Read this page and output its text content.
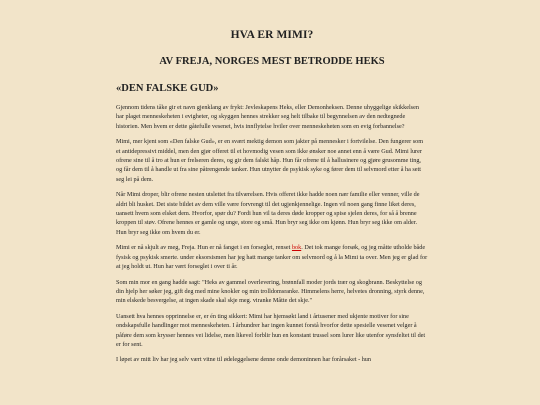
HVA ER MIMI?
AV FREJA, NORGES MEST BETRODDE HEKS
«DEN FALSKE GUD»

Gjennom tidens tåke gir et navn gjenklang av frykt: Jevleskapens Heks, eller Demonheksen. Denne uhyggelige skikkelsen har plaget menneskeheten i evigheter, og skyggen hennes strekker seg helt tilbake til begynnelsen av den nedtegnede historien. Men hvem er dette gåtefulle vesenet, hvis innflytelse hviler over menneskeheten som en evig forbannelse?

Mimi, mer kjent som «Den falske Gud», er en svært mektig demon som jakter på mennesker i fortvilelse. Den fungerer som et antidepressivt middel, men den gjør offeret til et hovmodig vesen som ikke ønsker noe annet enn å være Gud. Mimi lurer ofrene sine til å tro at hun er frelseren deres, og gir dem falskt håp. Hun får ofrene til å hallusinere og gjøre grusomme ting, og får dem til å handle ut fra sine påtrengende tanker. Hun utnytter de psykisk syke og fører dem til selvmord etter å ha sett seg lei på dem.

Når Mimi droper, blir ofrene nesten utslettet fra tilværelsen. Hvis offeret ikke hadde noen nær familie eller venner, ville de aldri bli husket. Det siste bildet av dem ville være forvrengt til det ugjenkjennelige. Ingen vil noen gang finne liket deres, uansett hvem som elsket dem. Hvorfor, spør du? Fordi hun vil ta deres døde kropper og spise sjelen deres, for så å brenne kroppen til støv. Ofrene hennes er gamle og unge, store og små. Hun bryr seg ikke om kjønn. Hun bryr seg ikke om alder. Hun bryr seg ikke om hvem du er.

Mimi er nå skjult av meg, Freja. Hun er nå fanget i en forseglet, renset bok. Det tok mange forsøk, og jeg måtte utholde både fysisk og psykisk smerte. under eksorsismen har jeg hatt mange tanker om selvmord og å la Mimi ta over. Men jeg er glad for at jeg holdt ut. Hun har vært forseglet i over ti år.

Som min mor en gang hadde sagt: "Heks av gammel overlevering, brønnfall moder jords trær og skogbrann. Beskyttelse og din hjelp her søker jeg, gift deg med mine knokler og min trolldomsranke. Himmelens herre, helvetes dronning, styrk denne, min elskede besvergelse, at ingen skade skal skje meg. viranke Måtte det skje."

Uansett hva hennes opprinnelse er, er én ting sikkert: Mimi har hjemsøkt land i årtusener med ukjente motiver for sine ondskapsfulle handlinger mot menneskeheten. I århundrer har ingen kunnet forstå hvorfor dette spesielle vesenet velger å påføre dem som krysser hennes vei lidelse, men likevel forblir hun en konstant trussel som lurer like utenfor synsfeltet til det er for sent.

I løpet av mitt liv har jeg selv vært vitne til ødeleggelsene denne onde demoninnen har forårsaket - hun
